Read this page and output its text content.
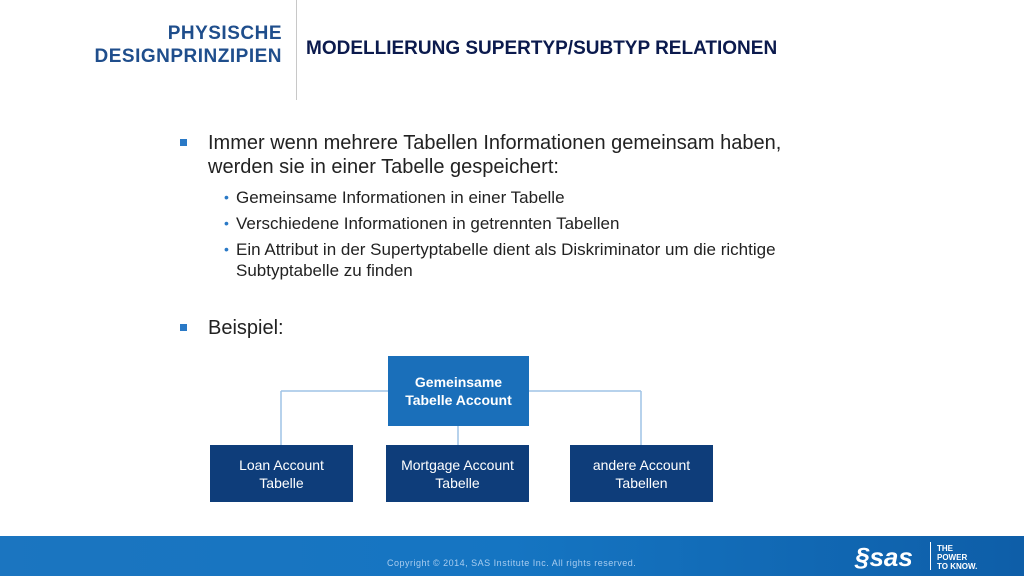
PHYSISCHE
DESIGNPRINZIPIEN MODELLIERUNG SUPERTYP/SUBTYP RELATIONEN
Immer wenn mehrere Tabellen Informationen gemeinsam haben, werden sie in einer Tabelle gespeichert:
• Gemeinsame Informationen in einer Tabelle
• Verschiedene Informationen in getrennten Tabellen
• Ein Attribut in der Supertyptabelle dient als Diskriminator um die richtige Subtyptabelle zu finden
Beispiel:
Gemeinsame
Tabelle Account
Loan Account
Tabelle
Mortgage Account
Tabelle
andere Account
Tabellen
Copyright © 2014, SAS Institute Inc. All rights reserved.	§sas	THE
POWER
TO KNOW.
